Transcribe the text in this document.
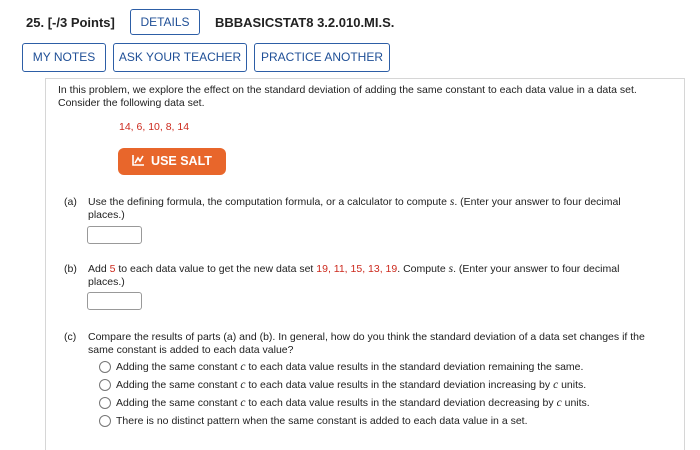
25. [-/3 Points]	DETAILS	BBBASICSTAT8 3.2.010.MI.S.
MY NOTES	ASK YOUR TEACHER	PRACTICE ANOTHER
In this problem, we explore the effect on the standard deviation of adding the same constant to each data value in a data set.
Consider the following data set.
14, 6, 10, 8, 14
USE SALT
(a) Use the defining formula, the computation formula, or a calculator to compute s. (Enter your answer to four decimal
places.)
(b) Add 5 to each data value to get the new data set 19, 11, 15, 13, 19. Compute s. (Enter your answer to four decimal
places.)
(c) Compare the results of parts (a) and (b). In general, how do you think the standard deviation of a data set changes if the
same constant is added to each data value?
Adding the same constant c to each data value results in the standard deviation remaining the same.
Adding the same constant c to each data value results in the standard deviation increasing by c units.
Adding the same constant c to each data value results in the standard deviation decreasing by c units.
There is no distinct pattern when the same constant is added to each data value in a set.
